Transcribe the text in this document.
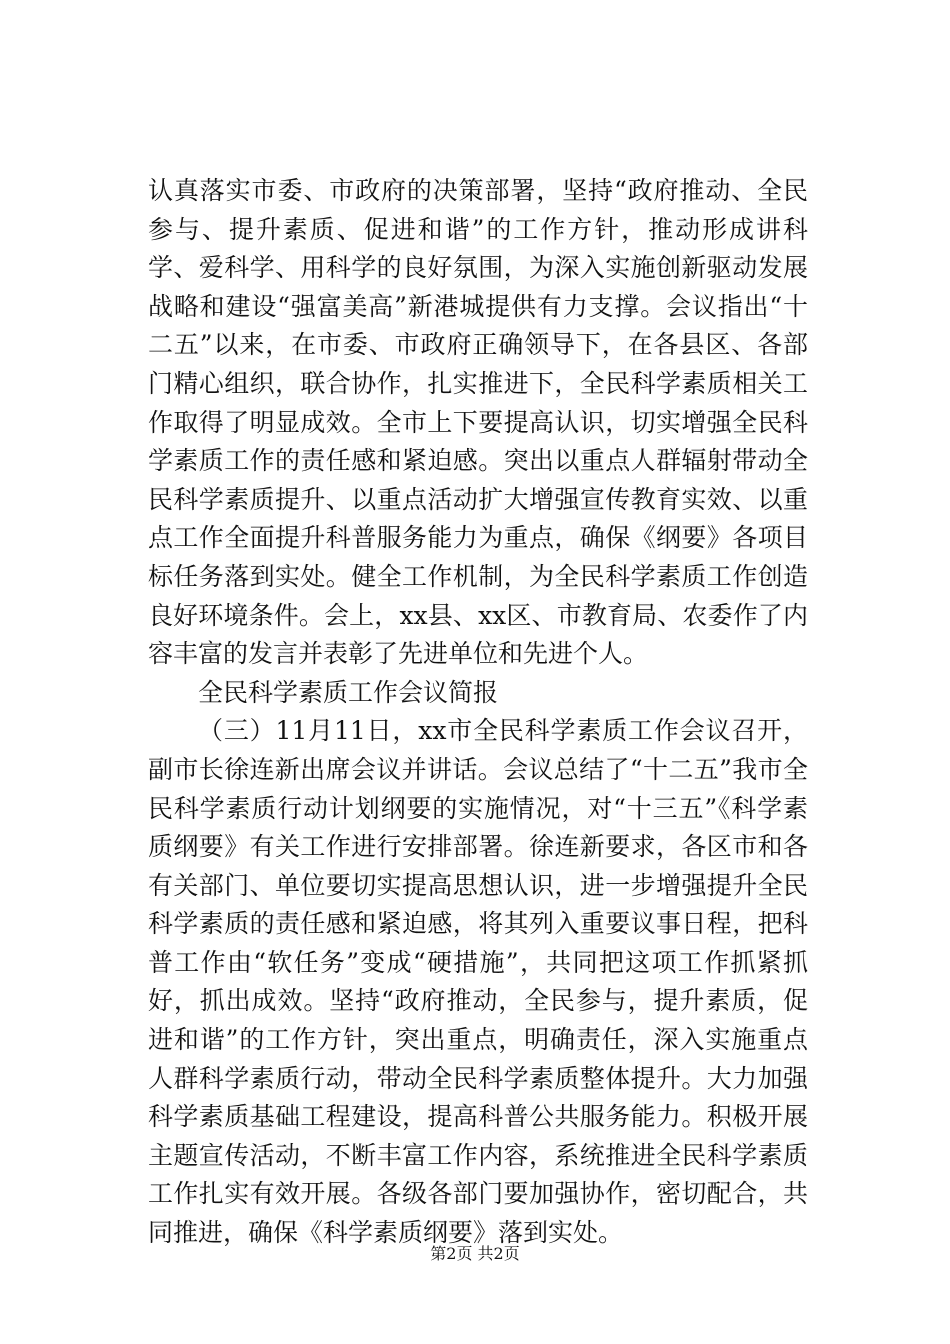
认真落实市委、市政府的决策部署，坚持“政府推动、全民参与、提升素质、促进和谐”的工作方针，推动形成讲科学、爱科学、用科学的良好氛围，为深入实施创新驱动发展战略和建设“强富美高”新港城提供有力支撑。会议指出“十二五”以来，在市委、市政府正确领导下，在各县区、各部门精心组织，联合协作，扎实推进下，全民科学素质相关工作取得了明显成效。全市上下要提高认识，切实增强全民科学素质工作的责任感和紧迫感。突出以重点人群辐射带动全民科学素质提升、以重点活动扩大增强宣传教育实效、以重点工作全面提升科普服务能力为重点，确保《纲要》各项目标任务落到实处。健全工作机制，为全民科学素质工作创造良好环境条件。会上，xx县、xx区、市教育局、农委作了内容丰富的发言并表彰了先进单位和先进个人。

全民科学素质工作会议简报

（三）11月11日，xx市全民科学素质工作会议召开，副市长徐连新出席会议并讲话。会议总结了“十二五”我市全民科学素质行动计划纲要的实施情况，对“十三五”《科学素质纲要》有关工作进行安排部署。徐连新要求，各区市和各有关部门、单位要切实提高思想认识，进一步增强提升全民科学素质的责任感和紧迫感，将其列入重要议事日程，把科普工作由“软任务”变成“硬措施”，共同把这项工作抓紧抓好，抓出成效。坚持“政府推动，全民参与，提升素质，促进和谐”的工作方针，突出重点，明确责任，深入实施重点人群科学素质行动，带动全民科学素质整体提升。大力加强科学素质基础工程建设，提高科普公共服务能力。积极开展主题宣传活动，不断丰富工作内容，系统推进全民科学素质工作扎实有效开展。各级各部门要加强协作，密切配合，共同推进，确保《科学素质纲要》落到实处。

第2页 共2页
